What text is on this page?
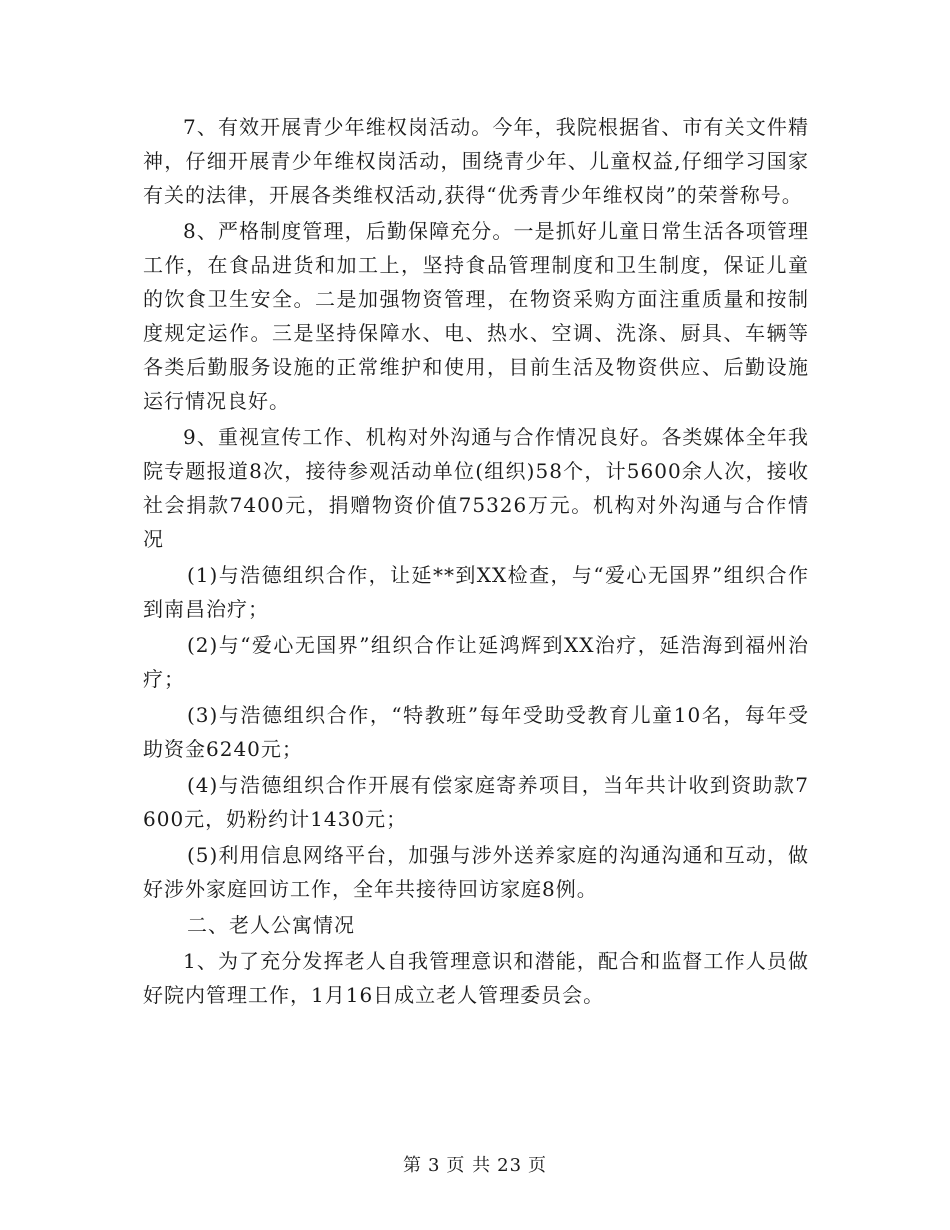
7、有效开展青少年维权岗活动。今年，我院根据省、市有关文件精神，仔细开展青少年维权岗活动，围绕青少年、儿童权益,仔细学习国家有关的法律，开展各类维权活动,获得“优秀青少年维权岗”的荣誉称号。

8、严格制度管理，后勤保障充分。一是抓好儿童日常生活各项管理工作，在食品进货和加工上，坚持食品管理制度和卫生制度，保证儿童的饮食卫生安全。二是加强物资管理，在物资采购方面注重质量和按制度规定运作。三是坚持保障水、电、热水、空调、洗涤、厨具、车辆等各类后勤服务设施的正常维护和使用，目前生活及物资供应、后勤设施运行情况良好。

9、重视宣传工作、机构对外沟通与合作情况良好。各类媒体全年我院专题报道8次，接待参观活动单位(组织)58个，计5600余人次，接收社会捐款7400元，捐赠物资价值75326万元。机构对外沟通与合作情况

(1)与浩德组织合作，让延**到XX检查，与“爱心无国界”组织合作到南昌治疗；

(2)与“爱心无国界”组织合作让延鸿辉到XX治疗，延浩海到福州治疗；

(3)与浩德组织合作，“特教班”每年受助受教育儿童10名，每年受助资金6240元；

(4)与浩德组织合作开展有偿家庭寄养项目，当年共计收到资助款7600元，奶粉约计1430元；

(5)利用信息网络平台，加强与涉外送养家庭的沟通沟通和互动，做好涉外家庭回访工作，全年共接待回访家庭8例。

二、老人公寓情况

1、为了充分发挥老人自我管理意识和潜能，配合和监督工作人员做好院内管理工作，1月16日成立老人管理委员会。

第 3 页 共 23 页
